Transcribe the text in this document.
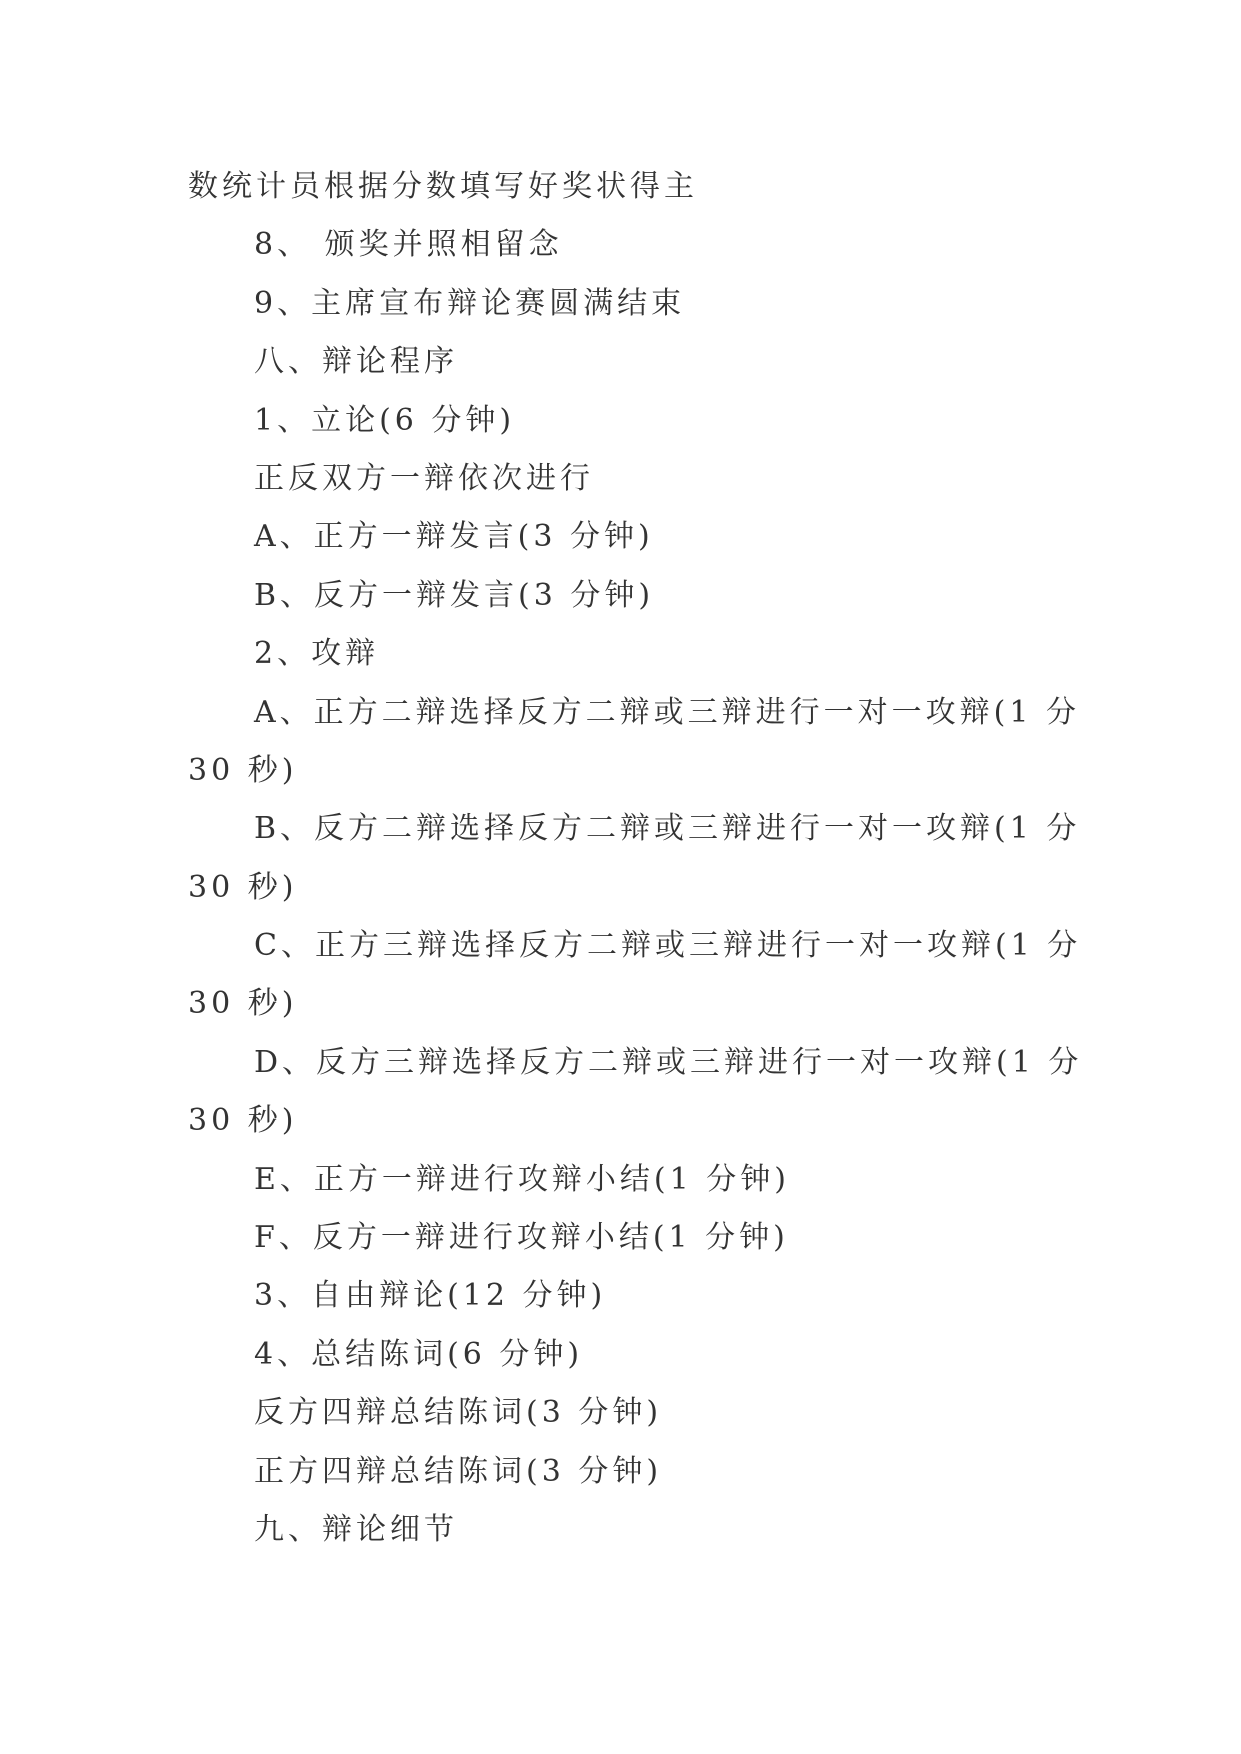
数统计员根据分数填写好奖状得主
8、 颁奖并照相留念
9、主席宣布辩论赛圆满结束
八、辩论程序
1、立论(6 分钟)
正反双方一辩依次进行
A、正方一辩发言(3 分钟)
B、反方一辩发言(3 分钟)
2、攻辩
A、正方二辩选择反方二辩或三辩进行一对一攻辩(1 分
30 秒)
B、反方二辩选择反方二辩或三辩进行一对一攻辩(1 分
30 秒)
C、正方三辩选择反方二辩或三辩进行一对一攻辩(1 分
30 秒)
D、反方三辩选择反方二辩或三辩进行一对一攻辩(1 分
30 秒)
E、正方一辩进行攻辩小结(1 分钟)
F、反方一辩进行攻辩小结(1 分钟)
3、自由辩论(12 分钟)
4、总结陈词(6 分钟)
反方四辩总结陈词(3 分钟)
正方四辩总结陈词(3 分钟)
九、辩论细节
